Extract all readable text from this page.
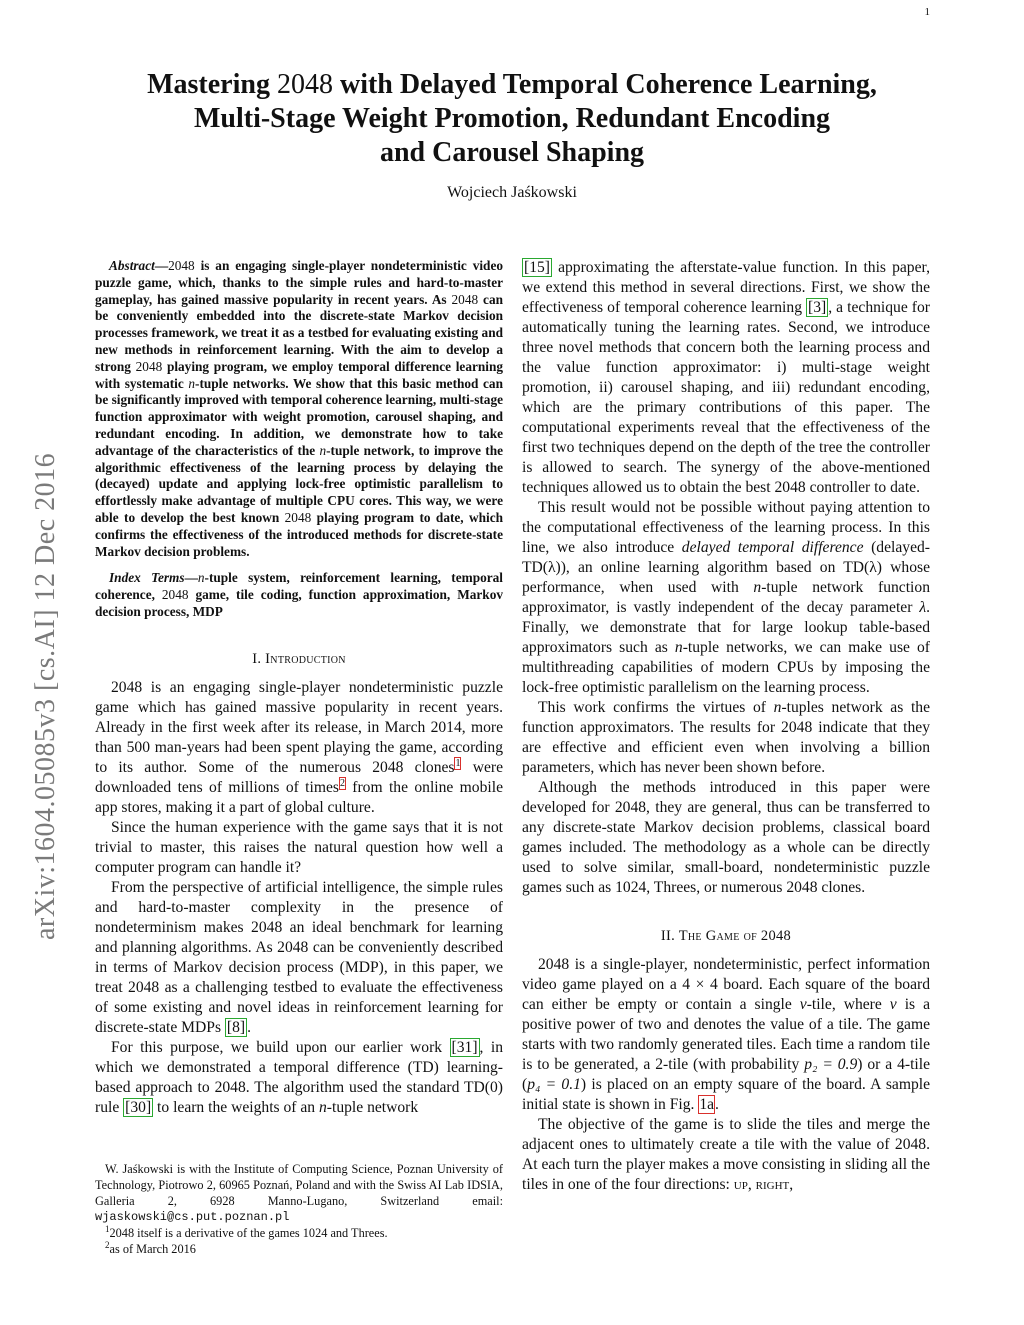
1
arXiv:1604.05085v3 [cs.AI] 12 Dec 2016
Mastering 2048 with Delayed Temporal Coherence Learning,
Multi-Stage Weight Promotion, Redundant Encoding
and Carousel Shaping
Wojciech Jaśkowski

Abstract—2048 is an engaging single-player nondeterministic video puzzle game, which, thanks to the simple rules and hard-to-master gameplay, has gained massive popularity in recent years. As 2048 can be conveniently embedded into the discrete-state Markov decision processes framework, we treat it as a testbed for evaluating existing and new methods in reinforcement learning. With the aim to develop a strong 2048 playing program, we employ temporal difference learning with systematic n-tuple networks. We show that this basic method can be significantly improved with temporal coherence learning, multi-stage function approximator with weight promotion, carousel shaping, and redundant encoding. In addition, we demonstrate how to take advantage of the characteristics of the n-tuple network, to improve the algorithmic effectiveness of the learning process by delaying the (decayed) update and applying lock-free optimistic parallelism to effortlessly make advantage of multiple CPU cores. This way, we were able to develop the best known 2048 playing program to date, which confirms the effectiveness of the introduced methods for discrete-state Markov decision problems.

Index Terms—n-tuple system, reinforcement learning, temporal coherence, 2048 game, tile coding, function approximation, Markov decision process, MDP

I. Introduction

2048 is an engaging single-player nondeterministic puzzle game which has gained massive popularity in recent years. Already in the first week after its release, in March 2014, more than 500 man-years had been spent playing the game, according to its author. Some of the numerous 2048 clones$^1$ were downloaded tens of millions of times$^2$ from the online mobile app stores, making it a part of global culture.

Since the human experience with the game says that it is not trivial to master, this raises the natural question how well a computer program can handle it?

From the perspective of artificial intelligence, the simple rules and hard-to-master complexity in the presence of nondeterminism makes 2048 an ideal benchmark for learning and planning algorithms. As 2048 can be conveniently described in terms of Markov decision process (MDP), in this paper, we treat 2048 as a challenging testbed to evaluate the effectiveness of some existing and novel ideas in reinforcement learning for discrete-state MDPs [8] .

For this purpose, we build upon our earlier work [31] , in which we demonstrated a temporal difference (TD) learning-based approach to 2048. The algorithm used the standard TD(0) rule [30] to learn the weights of an n-tuple network

W. Jaśkowski is with the Institute of Computing Science, Poznan University of Technology, Piotrowo 2, 60965 Poznań, Poland and with the Swiss AI Lab IDSIA, Galleria 2, 6928 Manno-Lugano, Switzerland email: wjaskowski@cs.put.poznan.pl

$^1$2048 itself is a derivative of the games 1024 and Threes.

$^2$as of March 2016

[15] approximating the afterstate-value function. In this paper, we extend this method in several directions. First, we show the effectiveness of temporal coherence learning [3] , a technique for automatically tuning the learning rates. Second, we introduce three novel methods that concern both the learning process and the value function approximator: i) multi-stage weight promotion, ii) carousel shaping, and iii) redundant encoding, which are the primary contributions of this paper. The computational experiments reveal that the effectiveness of the first two techniques depend on the depth of the tree the controller is allowed to search. The synergy of the above-mentioned techniques allowed us to obtain the best 2048 controller to date.

This result would not be possible without paying attention to the computational effectiveness of the learning process. In this line, we also introduce delayed temporal difference (delayed-TD(λ)), an online learning algorithm based on TD(λ) whose performance, when used with n-tuple network function approximator, is vastly independent of the decay parameter λ. Finally, we demonstrate that for large lookup table-based approximators such as n-tuple networks, we can make use of multithreading capabilities of modern CPUs by imposing the lock-free optimistic parallelism on the learning process.

This work confirms the virtues of n-tuples network as the function approximators. The results for 2048 indicate that they are effective and efficient even when involving a billion parameters, which has never been shown before.

Although the methods introduced in this paper were developed for 2048, they are general, thus can be transferred to any discrete-state Markov decision problems, classical board games included. The methodology as a whole can be directly used to solve similar, small-board, nondeterministic puzzle games such as 1024, Threes, or numerous 2048 clones.

II. The Game of 2048

2048 is a single-player, nondeterministic, perfect information video game played on a 4 × 4 board. Each square of the board can either be empty or contain a single v-tile, where v is a positive power of two and denotes the value of a tile. The game starts with two randomly generated tiles. Each time a random tile is to be generated, a 2-tile (with probability p₂ = 0.9) or a 4-tile (p₄ = 0.1) is placed on an empty square of the board. A sample initial state is shown in Fig. 1a.

The objective of the game is to slide the tiles and merge the adjacent ones to ultimately create a tile with the value of 2048. At each turn the player makes a move consisting in sliding all the tiles in one of the four directions: up, right,
